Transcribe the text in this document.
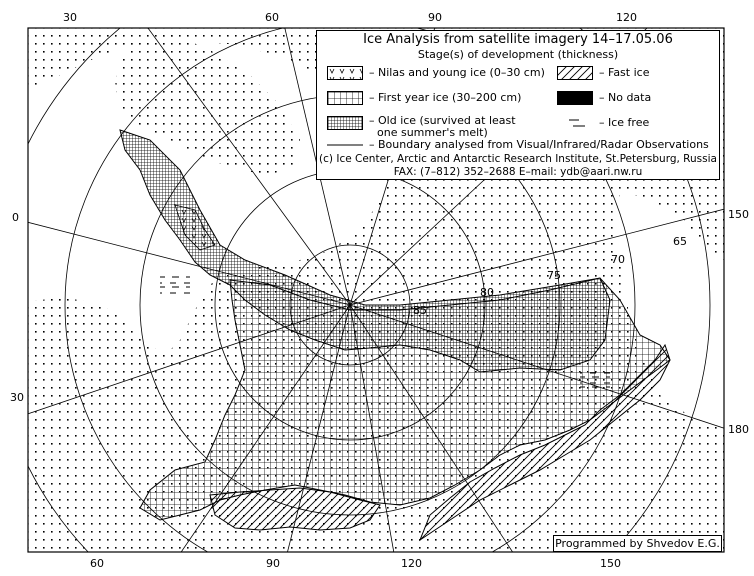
30	60	90	120
60	90	120	150
0
30
150
180
65
70
75
80
85
Ice Analysis from satellite imagery 14–17.05.06
Stage(s) of development (thickness)
– Nilas and young ice (0–30 cm)	– Fast ice
– First year ice (30–200 cm)	– No data
– Old ice (survived at least
one summer's melt)
– Ice free
– Boundary analysed from Visual/Infrared/Radar Observations
(c) Ice Center, Arctic and Antarctic Research Institute, St.Petersburg, Russia
FAX: (7–812) 352–2688 E–mail: ydb@aari.nw.ru
Programmed by Shvedov E.G.
